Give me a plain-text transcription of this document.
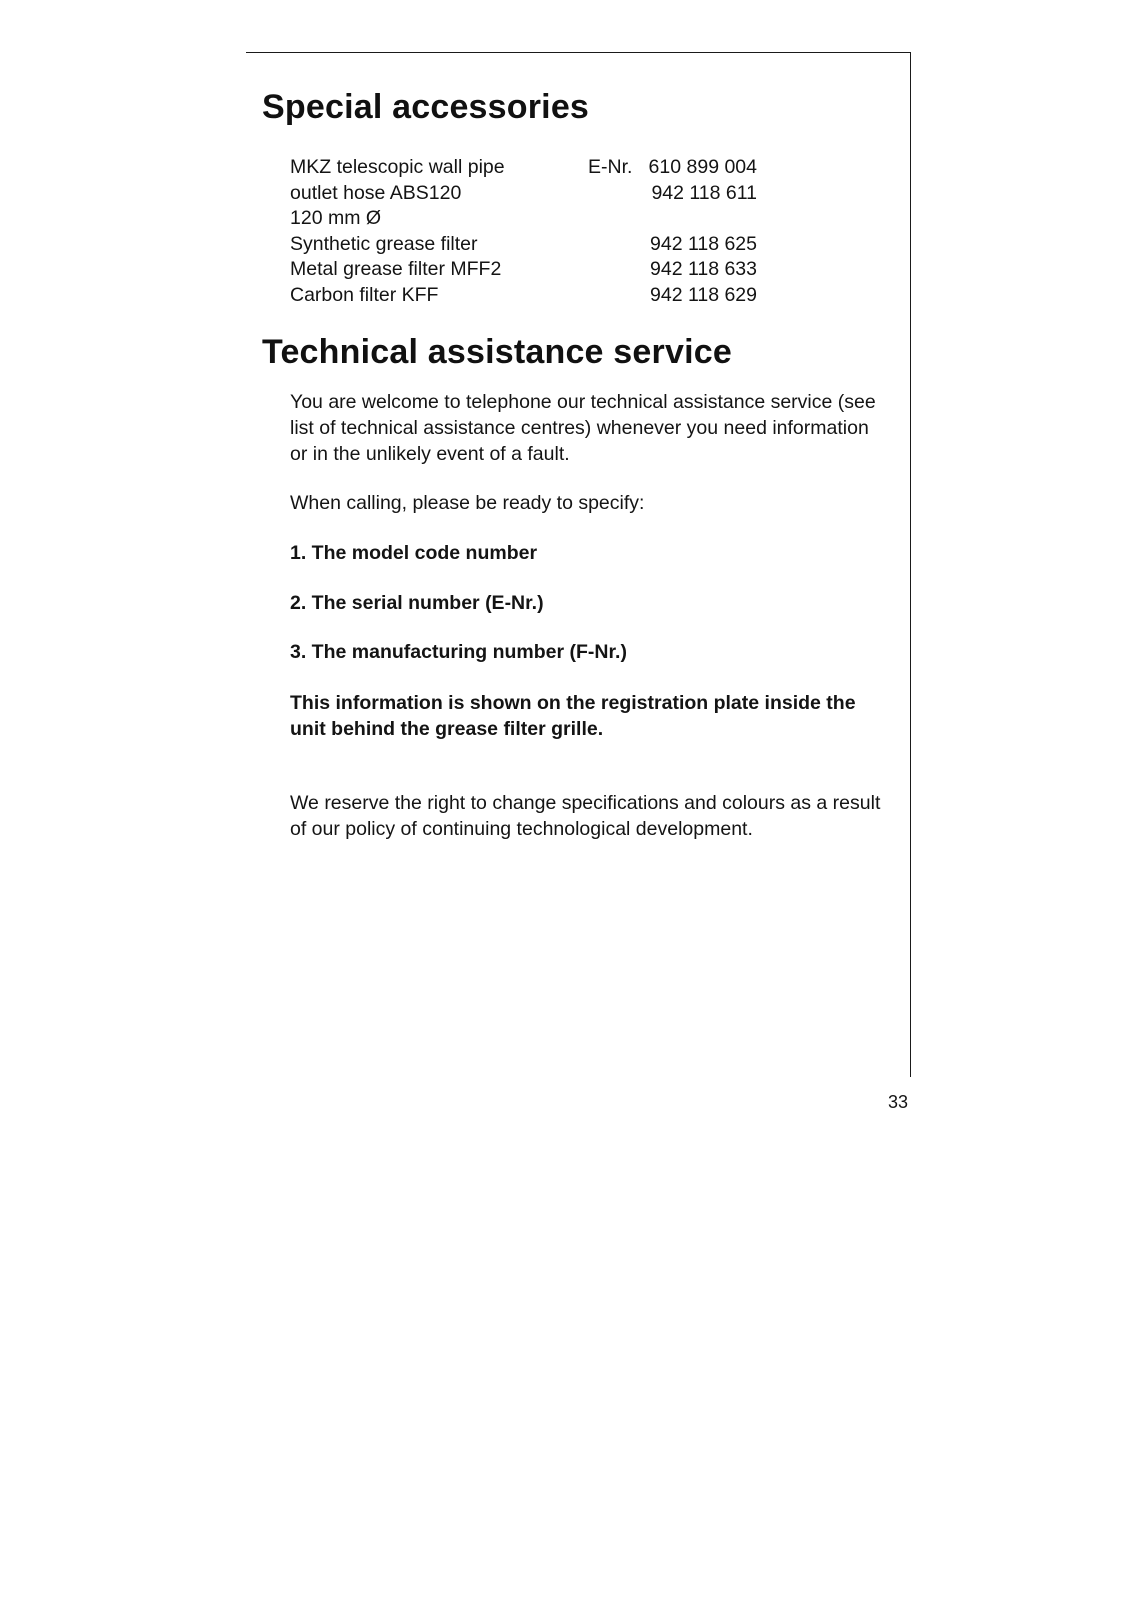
Special accessories
MKZ telescopic wall pipe	E-Nr. 610 899 004
outlet hose ABS120	942 118 611
120 mm Ø
Synthetic grease filter	942 118 625
Metal grease filter MFF2	942 118 633
Carbon filter KFF	942 118 629
Technical assistance service

You are welcome to telephone our technical assistance service (see list of technical assistance centres) whenever you need information or in the unlikely event of a fault.

When calling, please be ready to specify:

1. The model code number

2. The serial number (E-Nr.)

3. The manufacturing number (F-Nr.)

This information is shown on the registration plate inside the unit behind the grease filter grille.

We reserve the right to change specifications and colours as a result of our policy of continuing technological development.

33
